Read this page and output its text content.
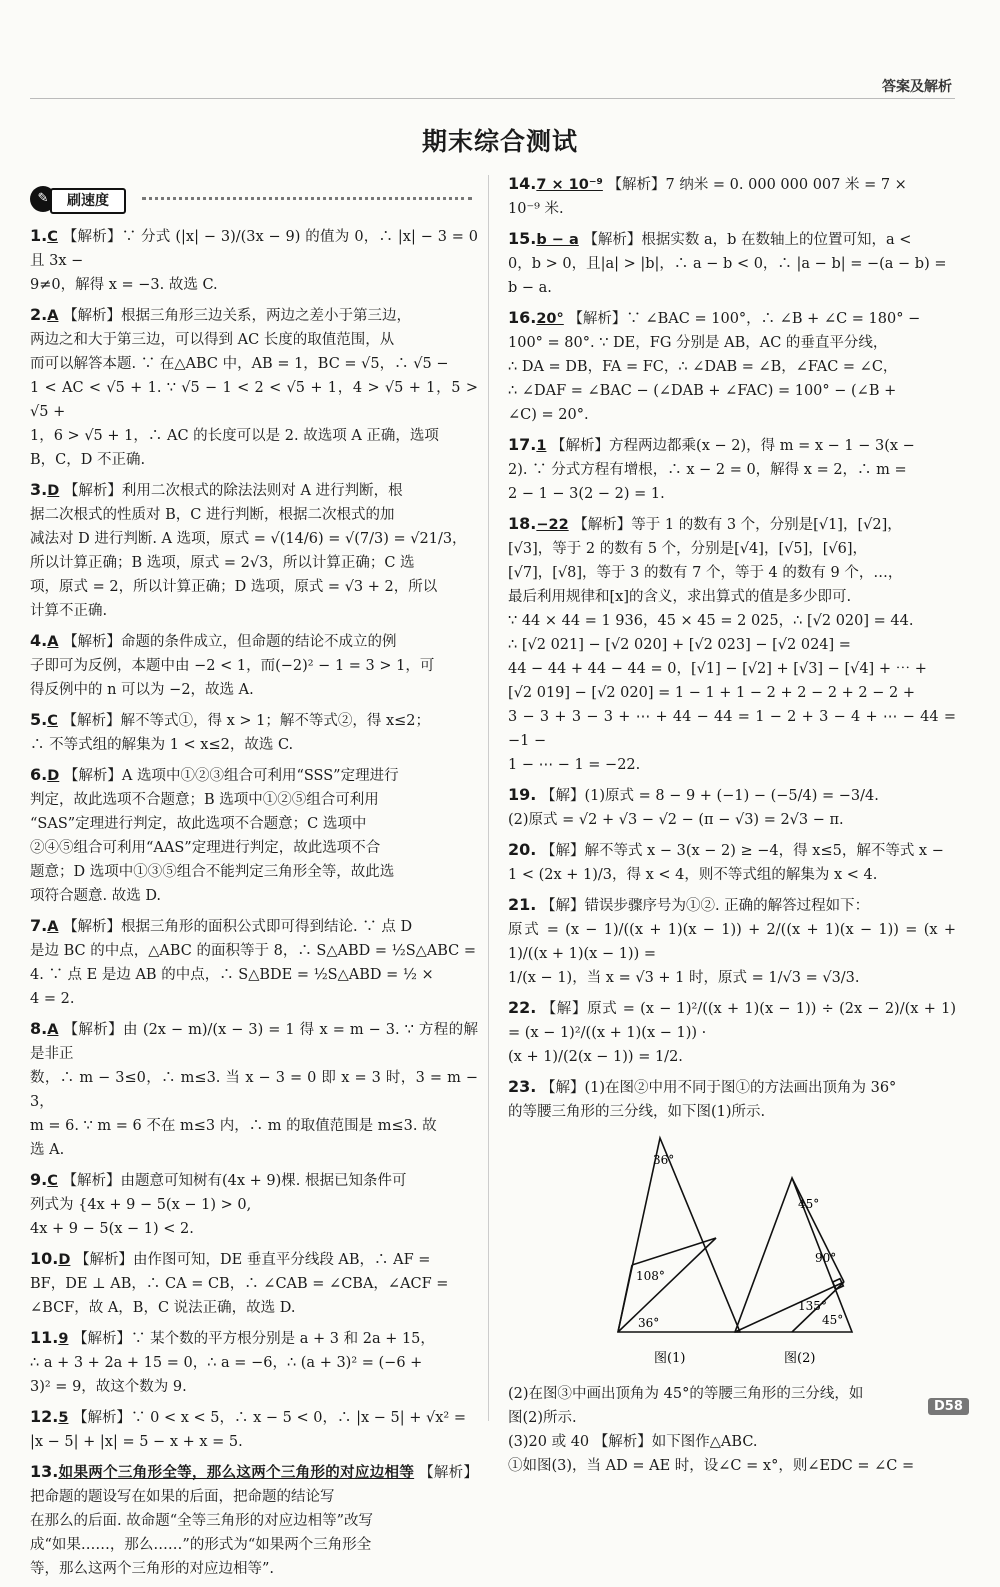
答案及解析
期末综合测试
✎	刷速度
1.C 【解析】∵ 分式 (|x| − 3)/(3x − 9) 的值为 0，∴ |x| − 3 = 0 且 3x −
9≠0，解得 x = −3. 故选 C.
2.A 【解析】根据三角形三边关系，两边之差小于第三边，
两边之和大于第三边，可以得到 AC 长度的取值范围，从
而可以解答本题. ∵ 在△ABC 中，AB = 1，BC = √5，∴ √5 −
1 < AC < √5 + 1. ∵ √5 − 1 < 2 < √5 + 1，4 > √5 + 1，5 > √5 +
1，6 > √5 + 1，∴ AC 的长度可以是 2. 故选项 A 正确，选项
B，C，D 不正确.
3.D 【解析】利用二次根式的除法法则对 A 进行判断，根
据二次根式的性质对 B，C 进行判断，根据二次根式的加
减法对 D 进行判断. A 选项，原式 = √(14/6) = √(7/3) = √21/3，
所以计算正确；B 选项，原式 = 2√3，所以计算正确；C 选
项，原式 = 2，所以计算正确；D 选项，原式 = √3 + 2，所以
计算不正确.
4.A 【解析】命题的条件成立，但命题的结论不成立的例
子即可为反例，本题中由 −2 < 1，而(−2)² − 1 = 3 > 1，可
得反例中的 n 可以为 −2，故选 A.
5.C 【解析】解不等式①，得 x > 1；解不等式②，得 x≤2；
∴ 不等式组的解集为 1 < x≤2，故选 C.
6.D 【解析】A 选项中①②③组合可利用“SSS”定理进行
判定，故此选项不合题意；B 选项中①②⑤组合可利用
“SAS”定理进行判定，故此选项不合题意；C 选项中
②④⑤组合可利用“AAS”定理进行判定，故此选项不合
题意；D 选项中①③⑤组合不能判定三角形全等，故此选
项符合题意. 故选 D.
7.A 【解析】根据三角形的面积公式即可得到结论. ∵ 点 D
是边 BC 的中点，△ABC 的面积等于 8，∴ S△ABD = ½S△ABC =
4. ∵ 点 E 是边 AB 的中点，∴ S△BDE = ½S△ABD = ½ ×
4 = 2.
8.A 【解析】由 (2x − m)/(x − 3) = 1 得 x = m − 3. ∵ 方程的解是非正
数，∴ m − 3≤0，∴ m≤3. 当 x − 3 = 0 即 x = 3 时，3 = m − 3，
m = 6. ∵ m = 6 不在 m≤3 内，∴ m 的取值范围是 m≤3. 故
选 A.
9.C 【解析】由题意可知树有(4x + 9)棵. 根据已知条件可
列式为 {4x + 9 − 5(x − 1) > 0,
4x + 9 − 5(x − 1) < 2.
10.D 【解析】由作图可知，DE 垂直平分线段 AB，∴ AF =
BF，DE ⊥ AB，∴ CA = CB，∴ ∠CAB = ∠CBA，∠ACF =
∠BCF，故 A，B，C 说法正确，故选 D.
11.9 【解析】∵ 某个数的平方根分别是 a + 3 和 2a + 15，
∴ a + 3 + 2a + 15 = 0，∴ a = −6，∴ (a + 3)² = (−6 +
3)² = 9，故这个数为 9.
12.5 【解析】∵ 0 < x < 5，∴ x − 5 < 0，∴ |x − 5| + √x² =
|x − 5| + |x| = 5 − x + x = 5.
13.如果两个三角形全等，那么这两个三角形的对应边相等 【解析】把命题的题设写在如果的后面，把命题的结论写
在那么的后面. 故命题“全等三角形的对应边相等”改写
成“如果……，那么……”的形式为“如果两个三角形全
等，那么这两个三角形的对应边相等”.
14.7 × 10⁻⁹ 【解析】7 纳米 = 0. 000 000 007 米 = 7 ×
10⁻⁹ 米.
15.b − a 【解析】根据实数 a，b 在数轴上的位置可知，a <
0，b > 0，且|a| > |b|，∴ a − b < 0，∴ |a − b| = −(a − b) =
b − a.
16.20° 【解析】∵ ∠BAC = 100°，∴ ∠B + ∠C = 180° −
100° = 80°. ∵ DE，FG 分别是 AB，AC 的垂直平分线，
∴ DA = DB，FA = FC，∴ ∠DAB = ∠B，∠FAC = ∠C，
∴ ∠DAF = ∠BAC − (∠DAB + ∠FAC) = 100° − (∠B +
∠C) = 20°.
17.1 【解析】方程两边都乘(x − 2)，得 m = x − 1 − 3(x −
2). ∵ 分式方程有增根，∴ x − 2 = 0，解得 x = 2，∴ m =
2 − 1 − 3(2 − 2) = 1.
18.−22 【解析】等于 1 的数有 3 个，分别是[√1]，[√2]，
[√3]，等于 2 的数有 5 个，分别是[√4]，[√5]，[√6]，
[√7]，[√8]，等于 3 的数有 7 个，等于 4 的数有 9 个，…，
最后利用规律和[x]的含义，求出算式的值是多少即可.
∵ 44 × 44 = 1 936，45 × 45 = 2 025，∴ [√2 020] = 44.
∴ [√2 021] − [√2 020] + [√2 023] − [√2 024] =
44 − 44 + 44 − 44 = 0，[√1] − [√2] + [√3] − [√4] + ⋯ +
[√2 019] − [√2 020] = 1 − 1 + 1 − 2 + 2 − 2 + 2 − 2 +
3 − 3 + 3 − 3 + ⋯ + 44 − 44 = 1 − 2 + 3 − 4 + ⋯ − 44 = −1 −
1 − ⋯ − 1 = −22.
19. 【解】(1)原式 = 8 − 9 + (−1) − (−5/4) = −3/4.
(2)原式 = √2 + √3 − √2 − (π − √3) = 2√3 − π.
20. 【解】解不等式 x − 3(x − 2) ≥ −4，得 x≤5，解不等式 x −
1 < (2x + 1)/3，得 x < 4，则不等式组的解集为 x < 4.
21. 【解】错误步骤序号为①②. 正确的解答过程如下：
原式 = (x − 1)/((x + 1)(x − 1)) + 2/((x + 1)(x − 1)) = (x + 1)/((x + 1)(x − 1)) =
1/(x − 1)，当 x = √3 + 1 时，原式 = 1/√3 = √3/3.
22. 【解】原式 = (x − 1)²/((x + 1)(x − 1)) ÷ (2x − 2)/(x + 1) = (x − 1)²/((x + 1)(x − 1)) ·
(x + 1)/(2(x − 1)) = 1/2.
23. 【解】(1)在图②中用不同于图①的方法画出顶角为 36°
的等腰三角形的三分线，如下图(1)所示.
36°
108°
36°
图(1)
45°
90°
135°
45°
图(2)
(2)在图③中画出顶角为 45°的等腰三角形的三分线，如
图(2)所示.
(3)20 或 40 【解析】如下图作△ABC.
①如图(3)，当 AD = AE 时，设∠C = x°，则∠EDC = ∠C =
D58
